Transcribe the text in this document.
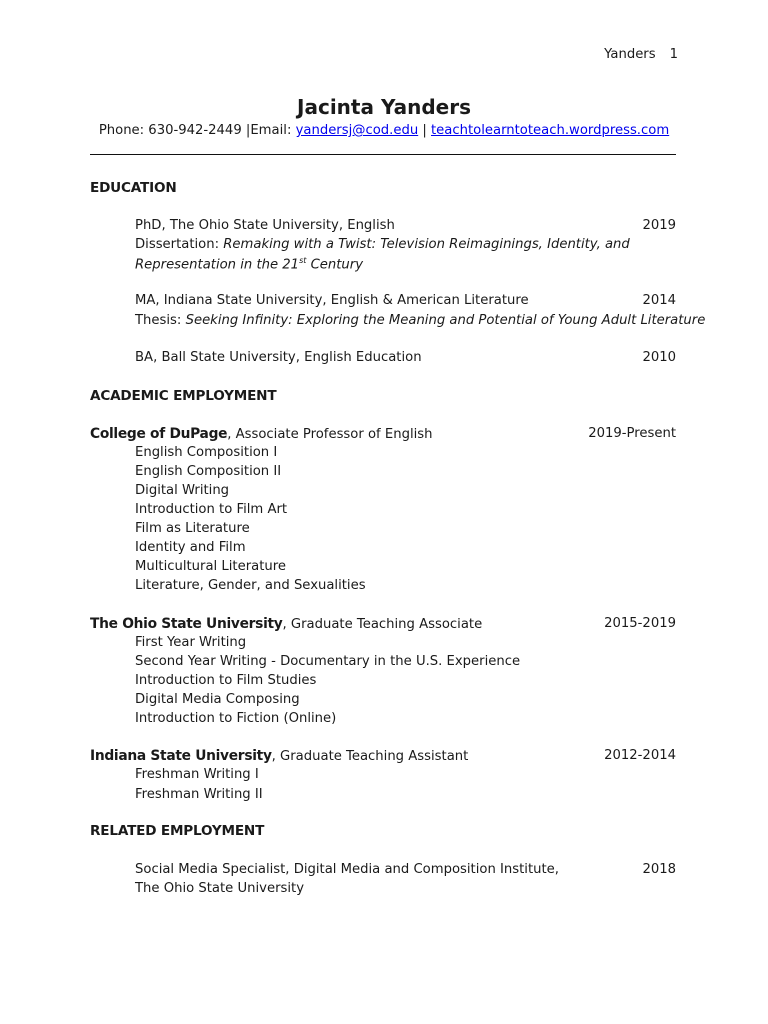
Yanders 1
Jacinta Yanders
Phone: 630-942-2449 |Email: yandersj@cod.edu | teachtolearntoteach.wordpress.com
EDUCATION
PhD, The Ohio State University, English	2019
Dissertation: Remaking with a Twist: Television Reimaginings, Identity, and
Representation in the 21st Century
MA, Indiana State University, English & American Literature	2014
Thesis: Seeking Infinity: Exploring the Meaning and Potential of Young Adult Literature
BA, Ball State University, English Education	2010
ACADEMIC EMPLOYMENT
College of DuPage, Associate Professor of English	2019-Present
English Composition I
English Composition II
Digital Writing
Introduction to Film Art
Film as Literature
Identity and Film
Multicultural Literature
Literature, Gender, and Sexualities
The Ohio State University, Graduate Teaching Associate	2015-2019
First Year Writing
Second Year Writing - Documentary in the U.S. Experience
Introduction to Film Studies
Digital Media Composing
Introduction to Fiction (Online)
Indiana State University, Graduate Teaching Assistant	2012-2014
Freshman Writing I
Freshman Writing II
RELATED EMPLOYMENT
Social Media Specialist, Digital Media and Composition Institute,	2018
The Ohio State University
